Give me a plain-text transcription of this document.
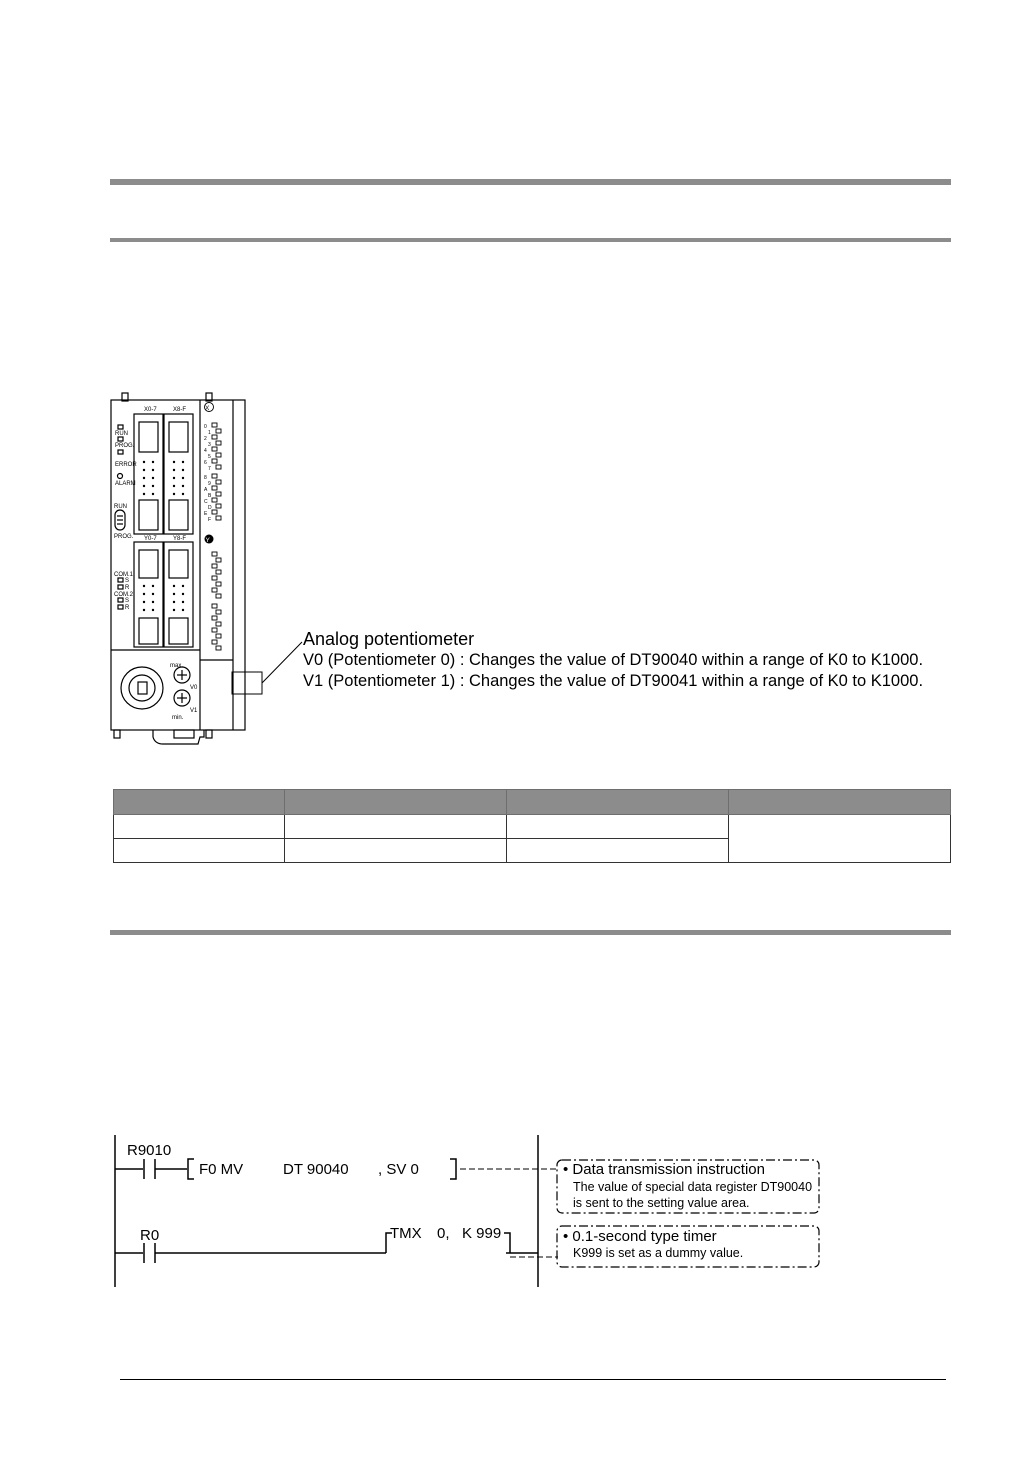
X0-7	X8-F
Y0-7	Y8-F
RUN
PROG.
ERROR
ALARM
RUN
PROG.
COM.1
S
R
COM.2
S
R
X
Y
max.
min.
V0
V1
0
1
2
3
4
5
6
7
8
9
A
B
C
D
E
F
Analog potentiometer
V0 (Potentiometer 0) : Changes the value of DT90040 within a range of K0 to K1000.
V1 (Potentiometer 1) : Changes the value of DT90041 within a range of K0 to K1000.

R9010
F0 MV	DT 90040 , SV 0
R0	TMX 0, K 999
• Data transmission instruction
The value of special data register DT90040
is sent to the setting value area.
• 0.1-second type timer
K999 is set as a dummy value.
